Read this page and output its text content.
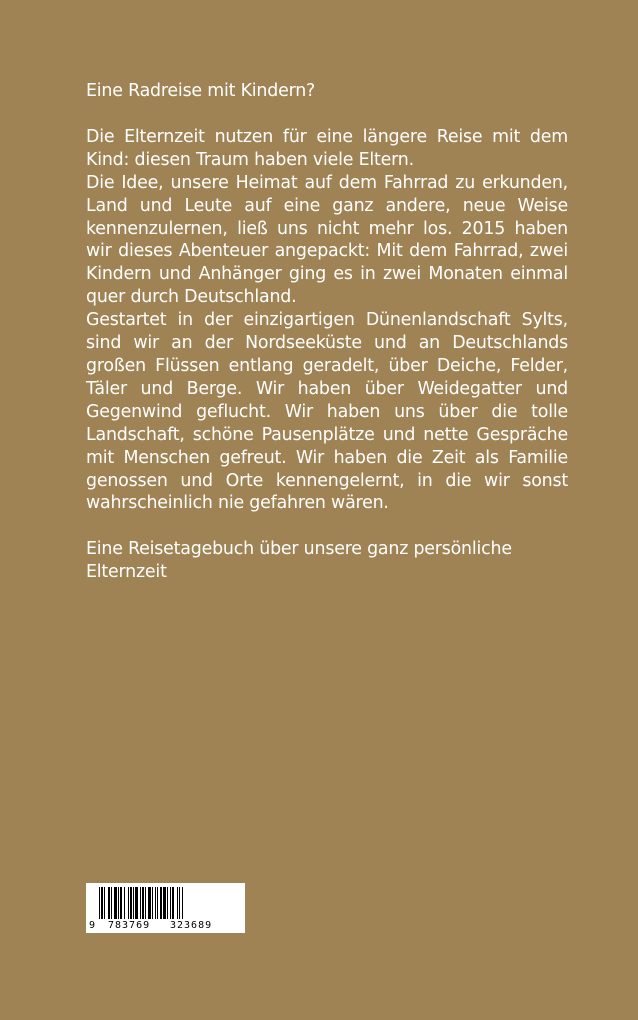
Eine Radreise mit Kindern?

Die Elternzeit nutzen für eine längere Reise mit dem Kind: diesen Traum haben viele Eltern.

Die Idee, unsere Heimat auf dem Fahrrad zu erkunden, Land und Leute auf eine ganz andere, neue Weise kennenzulernen, ließ uns nicht mehr los. 2015 haben wir dieses Abenteuer angepackt: Mit dem Fahrrad, zwei Kindern und Anhänger ging es in zwei Monaten einmal quer durch Deutschland.

Gestartet in der einzigartigen Dünenlandschaft Sylts, sind wir an der Nordseeküste und an Deutschlands großen Flüssen entlang geradelt, über Deiche, Felder, Täler und Berge. Wir haben über Weidegatter und Gegenwind geflucht. Wir haben uns über die tolle Landschaft, schöne Pausenplätze und nette Gespräche mit Menschen gefreut. Wir haben die Zeit als Familie genossen und Orte kennengelernt, in die wir sonst wahrscheinlich nie gefahren wären.

Eine Reisetagebuch über unsere ganz persönliche Elternzeit

9 783769 323689
